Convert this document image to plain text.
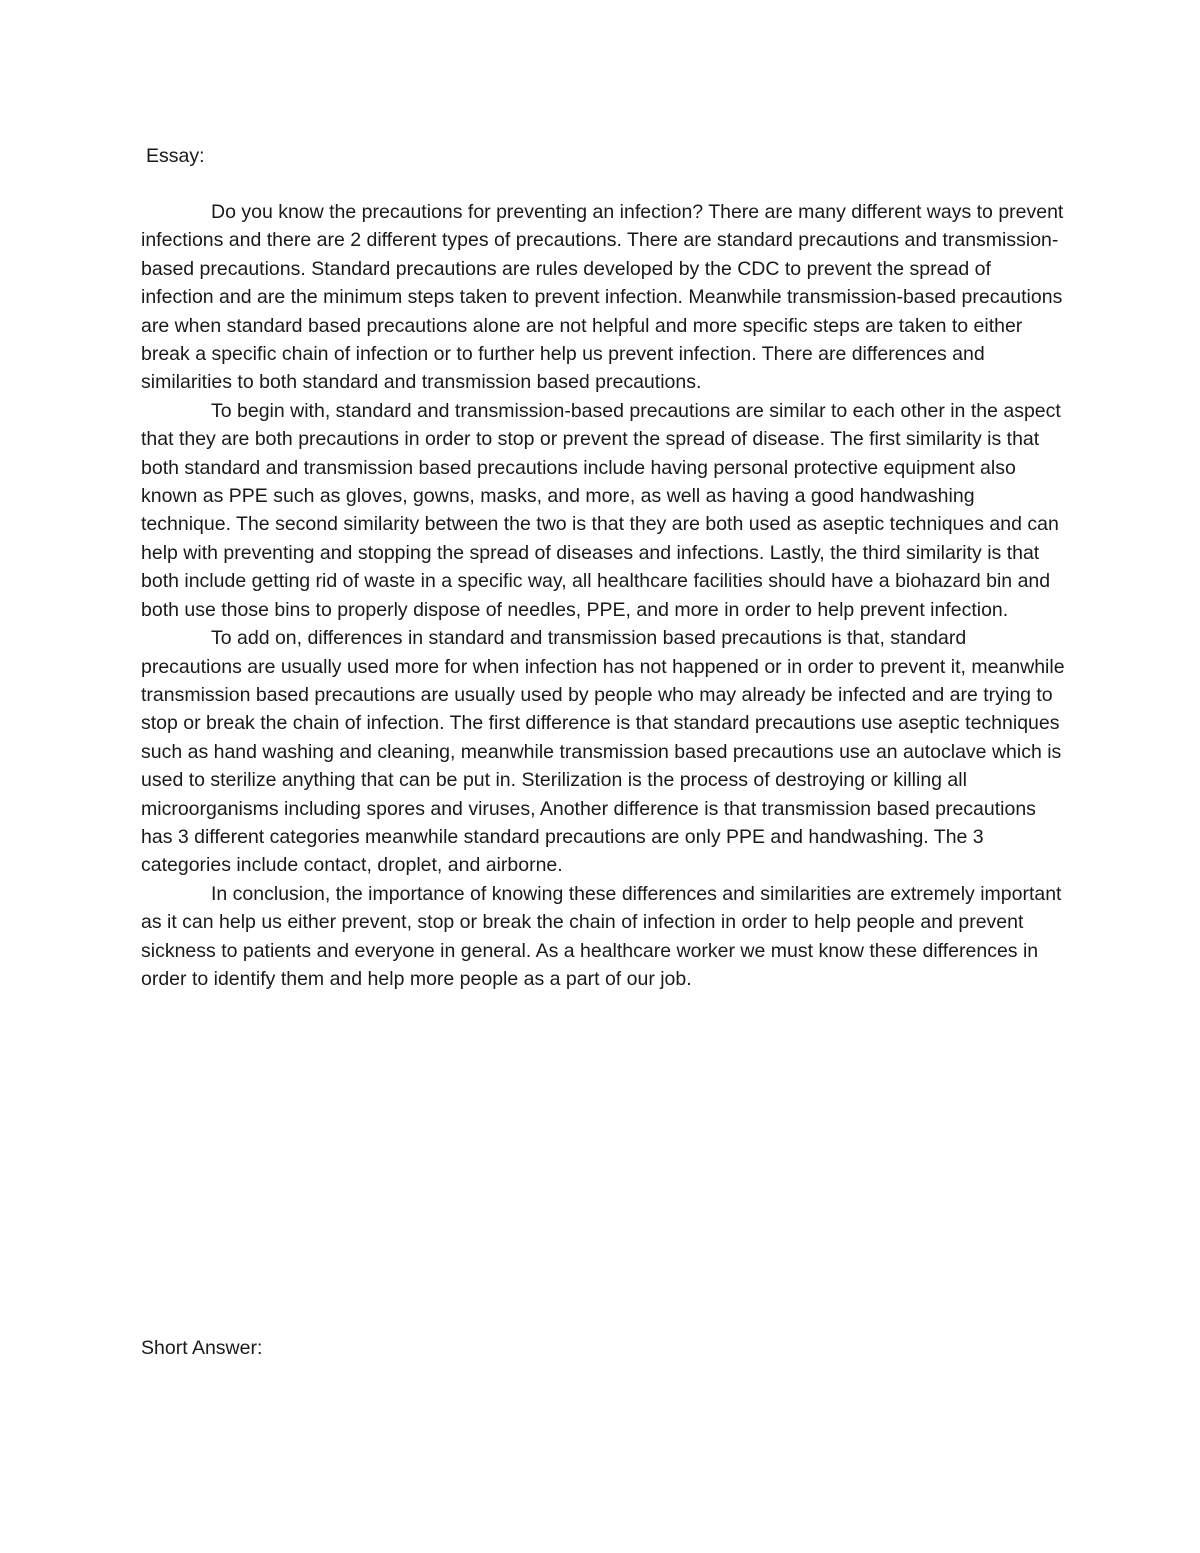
Essay:

Do you know the precautions for preventing an infection? There are many different ways to prevent infections and there are 2 different types of precautions. There are standard precautions and transmission-based precautions. Standard precautions are rules developed by the CDC to prevent the spread of infection and are the minimum steps taken to prevent infection. Meanwhile transmission-based precautions are when standard based precautions alone are not helpful and more specific steps are taken to either break a specific chain of infection or to further help us prevent infection. There are differences and similarities to both standard and transmission based precautions.

To begin with, standard and transmission-based precautions are similar to each other in the aspect that they are both precautions in order to stop or prevent the spread of disease. The first similarity is that both standard and transmission based precautions include having personal protective equipment also known as PPE such as gloves, gowns, masks, and more, as well as having a good handwashing technique. The second similarity between the two is that they are both used as aseptic techniques and can help with preventing and stopping the spread of diseases and infections. Lastly, the third similarity is that both include getting rid of waste in a specific way, all healthcare facilities should have a biohazard bin and both use those bins to properly dispose of needles, PPE, and more in order to help prevent infection.

To add on, differences in standard and transmission based precautions is that, standard precautions are usually used more for when infection has not happened or in order to prevent it, meanwhile transmission based precautions are usually used by people who may already be infected and are trying to stop or break the chain of infection. The first difference is that standard precautions use aseptic techniques such as hand washing and cleaning, meanwhile transmission based precautions use an autoclave which is used to sterilize anything that can be put in. Sterilization is the process of destroying or killing all microorganisms including spores and viruses, Another difference is that transmission based precautions has 3 different categories meanwhile standard precautions are only PPE and handwashing. The 3 categories include contact, droplet, and airborne.

In conclusion, the importance of knowing these differences and similarities are extremely important as it can help us either prevent, stop or break the chain of infection in order to help people and prevent sickness to patients and everyone in general. As a healthcare worker we must know these differences in order to identify them and help more people as a part of our job.

Short Answer:
